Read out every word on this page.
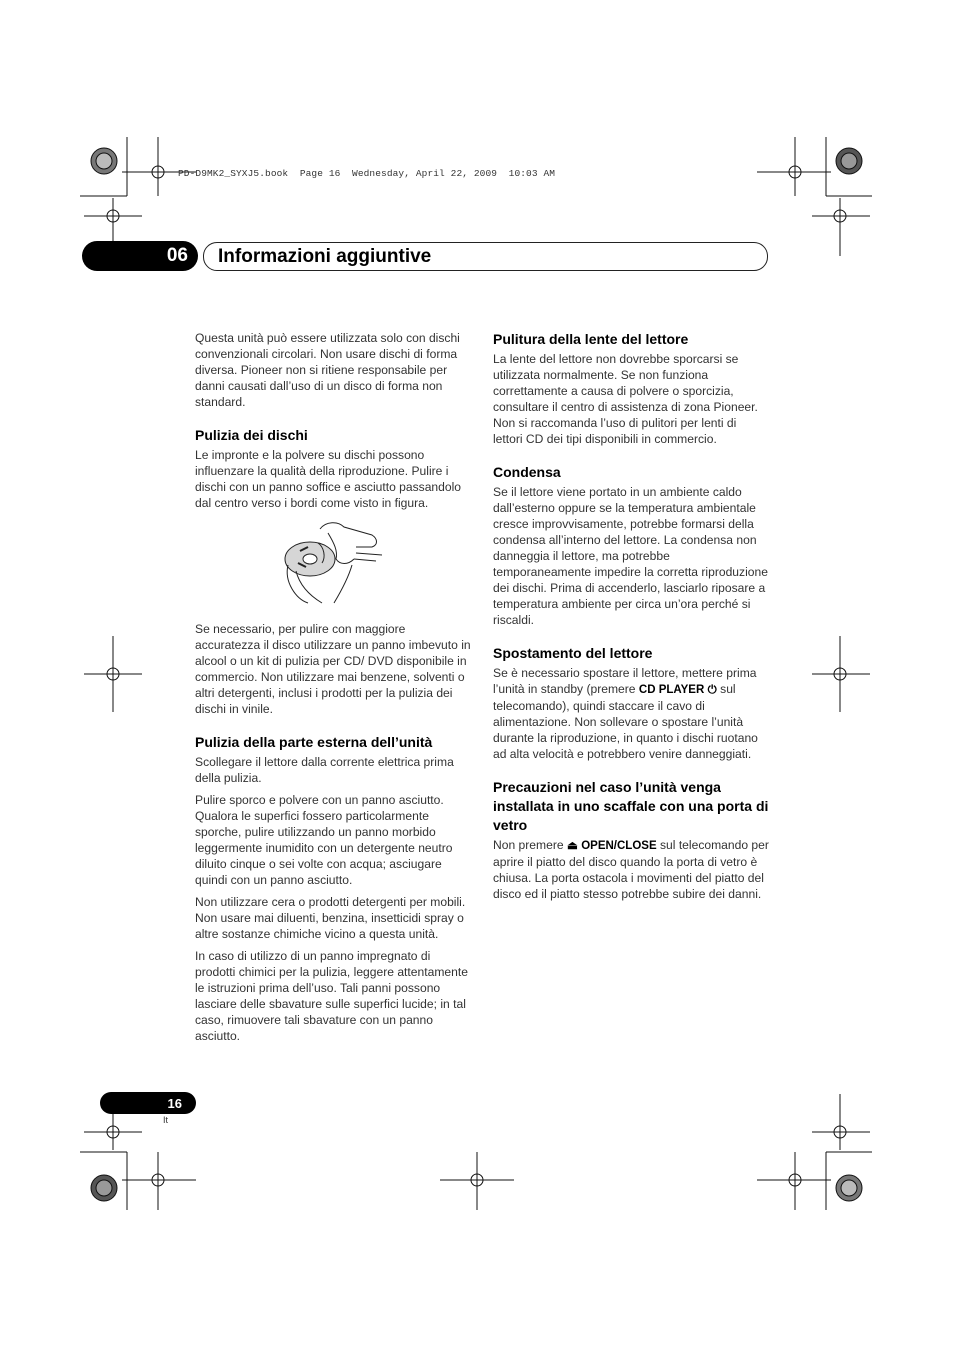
PD-D9MK2_SYXJ5.book  Page 16  Wednesday, April 22, 2009  10:03 AM
06	Informazioni aggiuntive

Questa unità può essere utilizzata solo con dischi convenzionali circolari. Non usare dischi di forma diversa. Pioneer non si ritiene responsabile per danni causati dall’uso di un disco di forma non standard.

Pulizia dei dischi

Le impronte e la polvere su dischi possono influenzare la qualità della riproduzione. Pulire i dischi con un panno soffice e asciutto passandolo dal centro verso i bordi come visto in figura.

Se necessario, per pulire con maggiore accuratezza il disco utilizzare un panno imbevuto in alcool o un kit di pulizia per CD/ DVD disponibile in commercio. Non utilizzare mai benzene, solventi o altri detergenti, inclusi i prodotti per la pulizia dei dischi in vinile.

Pulizia della parte esterna dell’unità

Scollegare il lettore dalla corrente elettrica prima della pulizia.

Pulire sporco e polvere con un panno asciutto. Qualora le superfici fossero particolarmente sporche, pulire utilizzando un panno morbido leggermente inumidito con un detergente neutro diluito cinque o sei volte con acqua; asciugare quindi con un panno asciutto.

Non utilizzare cera o prodotti detergenti per mobili. Non usare mai diluenti, benzina, insetticidi spray o altre sostanze chimiche vicino a questa unità.

In caso di utilizzo di un panno impregnato di prodotti chimici per la pulizia, leggere attentamente le istruzioni prima dell’uso. Tali panni possono lasciare delle sbavature sulle superfici lucide; in tal caso, rimuovere tali sbavature con un panno asciutto.

Pulitura della lente del lettore

La lente del lettore non dovrebbe sporcarsi se utilizzata normalmente. Se non funziona correttamente a causa di polvere o sporcizia, consultare il centro di assistenza di zona Pioneer. Non si raccomanda l’uso di pulitori per lenti di lettori CD dei tipi disponibili in commercio.

Condensa

Se il lettore viene portato in un ambiente caldo dall’esterno oppure se la temperatura ambientale cresce improvvisamente, potrebbe formarsi della condensa all’interno del lettore. La condensa non danneggia il lettore, ma potrebbe temporaneamente impedire la corretta riproduzione dei dischi. Prima di accenderlo, lasciarlo riposare a temperatura ambiente per circa un’ora perché si riscaldi.

Spostamento del lettore

Se è necessario spostare il lettore, mettere prima l’unità in standby (premere CD PLAYER ⏻ sul telecomando), quindi staccare il cavo di alimentazione. Non sollevare o spostare l’unità durante la riproduzione, in quanto i dischi ruotano ad alta velocità e potrebbero venire danneggiati.

Precauzioni nel caso l’unità venga installata in uno scaffale con una porta di vetro

Non premere ⏏ OPEN/CLOSE sul telecomando per aprire il piatto del disco quando la porta di vetro è chiusa. La porta ostacola i movimenti del piatto del disco ed il piatto stesso potrebbe subire dei danni.

16
It
